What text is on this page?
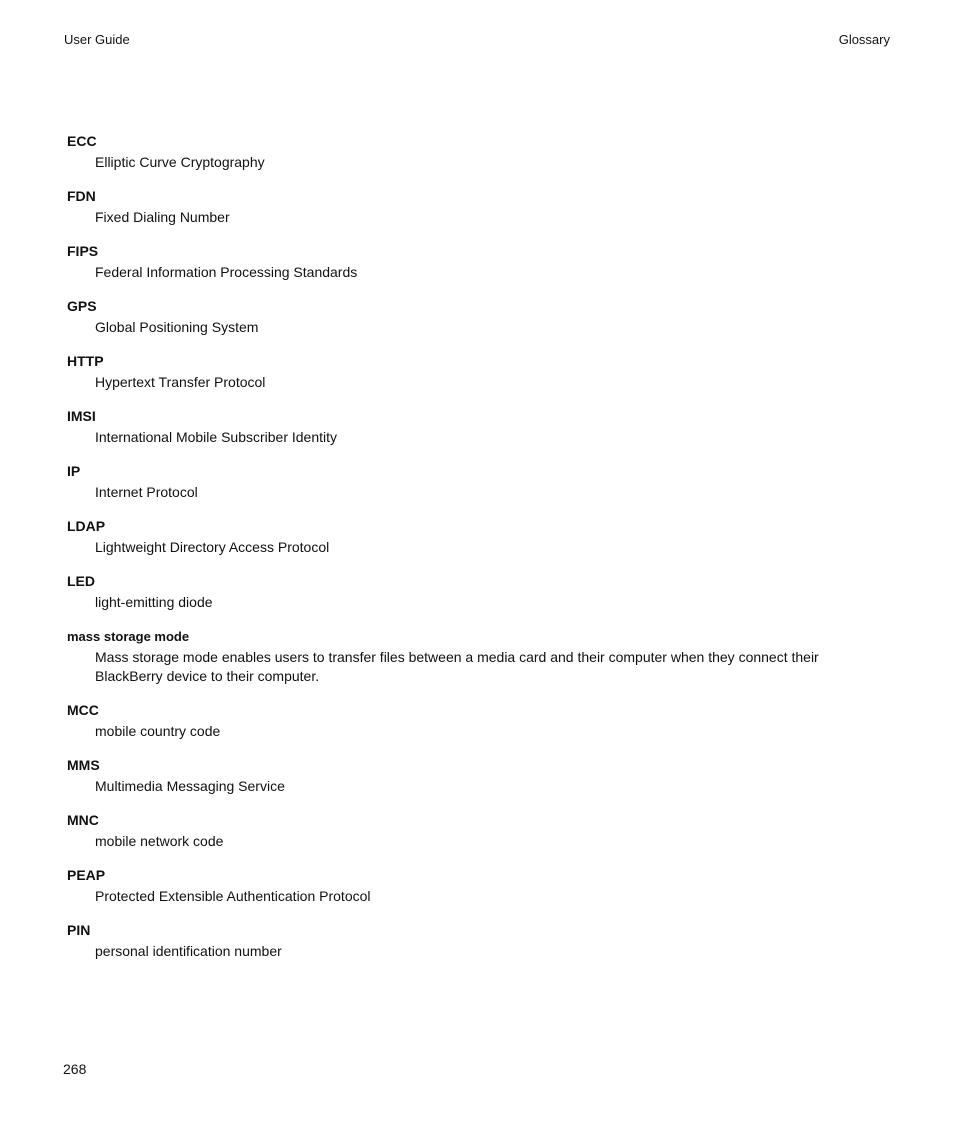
User Guide	Glossary
ECC
Elliptic Curve Cryptography
FDN
Fixed Dialing Number
FIPS
Federal Information Processing Standards
GPS
Global Positioning System
HTTP
Hypertext Transfer Protocol
IMSI
International Mobile Subscriber Identity
IP
Internet Protocol
LDAP
Lightweight Directory Access Protocol
LED
light-emitting diode
mass storage mode
Mass storage mode enables users to transfer files between a media card and their computer when they connect their BlackBerry device to their computer.
MCC
mobile country code
MMS
Multimedia Messaging Service
MNC
mobile network code
PEAP
Protected Extensible Authentication Protocol
PIN
personal identification number
268
